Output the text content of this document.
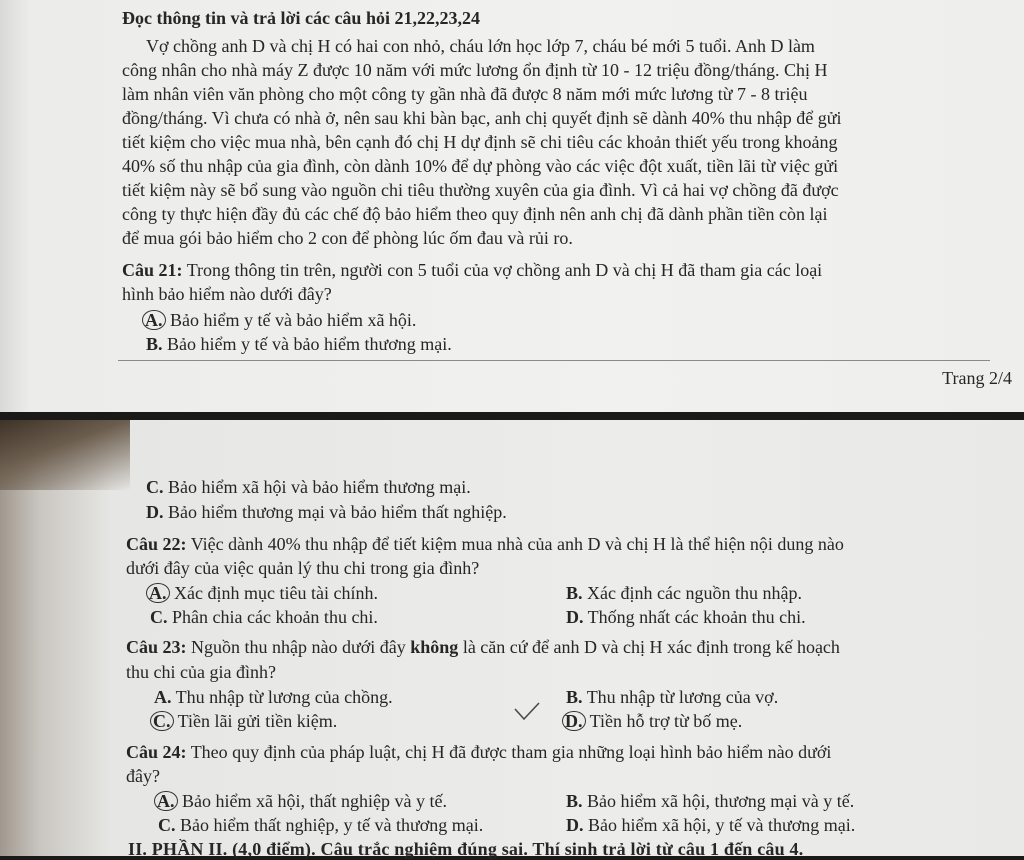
Đọc thông tin và trả lời các câu hỏi 21,22,23,24
Vợ chồng anh D và chị H có hai con nhỏ, cháu lớn học lớp 7, cháu bé mới 5 tuổi. Anh D làm
công nhân cho nhà máy Z được 10 năm với mức lương ổn định từ 10 - 12 triệu đồng/tháng. Chị H
làm nhân viên văn phòng cho một công ty gần nhà đã được 8 năm mới mức lương từ 7 - 8 triệu
đồng/tháng. Vì chưa có nhà ở, nên sau khi bàn bạc, anh chị quyết định sẽ dành 40% thu nhập để gửi
tiết kiệm cho việc mua nhà, bên cạnh đó chị H dự định sẽ chi tiêu các khoản thiết yếu trong khoảng
40% số thu nhập của gia đình, còn dành 10% để dự phòng vào các việc đột xuất, tiền lãi từ việc gửi
tiết kiệm này sẽ bổ sung vào nguồn chi tiêu thường xuyên của gia đình. Vì cả hai vợ chồng đã được
công ty thực hiện đầy đủ các chế độ bảo hiểm theo quy định nên anh chị đã dành phần tiền còn lại
để mua gói bảo hiểm cho 2 con để phòng lúc ốm đau và rủi ro.
Câu 21: Trong thông tin trên, người con 5 tuổi của vợ chồng anh D và chị H đã tham gia các loại
hình bảo hiểm nào dưới đây?
A. Bảo hiểm y tế và bảo hiểm xã hội.
B. Bảo hiểm y tế và bảo hiểm thương mại.
Trang 2/4
C. Bảo hiểm xã hội và bảo hiểm thương mại.
D. Bảo hiểm thương mại và bảo hiểm thất nghiệp.
Câu 22: Việc dành 40% thu nhập để tiết kiệm mua nhà của anh D và chị H là thể hiện nội dung nào
dưới đây của việc quản lý thu chi trong gia đình?
A. Xác định mục tiêu tài chính.	B. Xác định các nguồn thu nhập.
C. Phân chia các khoản thu chi.	D. Thống nhất các khoản thu chi.
Câu 23: Nguồn thu nhập nào dưới đây không là căn cứ để anh D và chị H xác định trong kế hoạch
thu chi của gia đình?
A. Thu nhập từ lương của chồng.	B. Thu nhập từ lương của vợ.
C. Tiền lãi gửi tiền kiệm.	D. Tiền hỗ trợ từ bố mẹ.
Câu 24: Theo quy định của pháp luật, chị H đã được tham gia những loại hình bảo hiểm nào dưới
đây?
A. Bảo hiểm xã hội, thất nghiệp và y tế.	B. Bảo hiểm xã hội, thương mại và y tế.
C. Bảo hiểm thất nghiệp, y tế và thương mại.	D. Bảo hiểm xã hội, y tế và thương mại.
II. PHẦN II. (4,0 điểm). Câu trắc nghiệm đúng sai. Thí sinh trả lời từ câu 1 đến câu 4.
